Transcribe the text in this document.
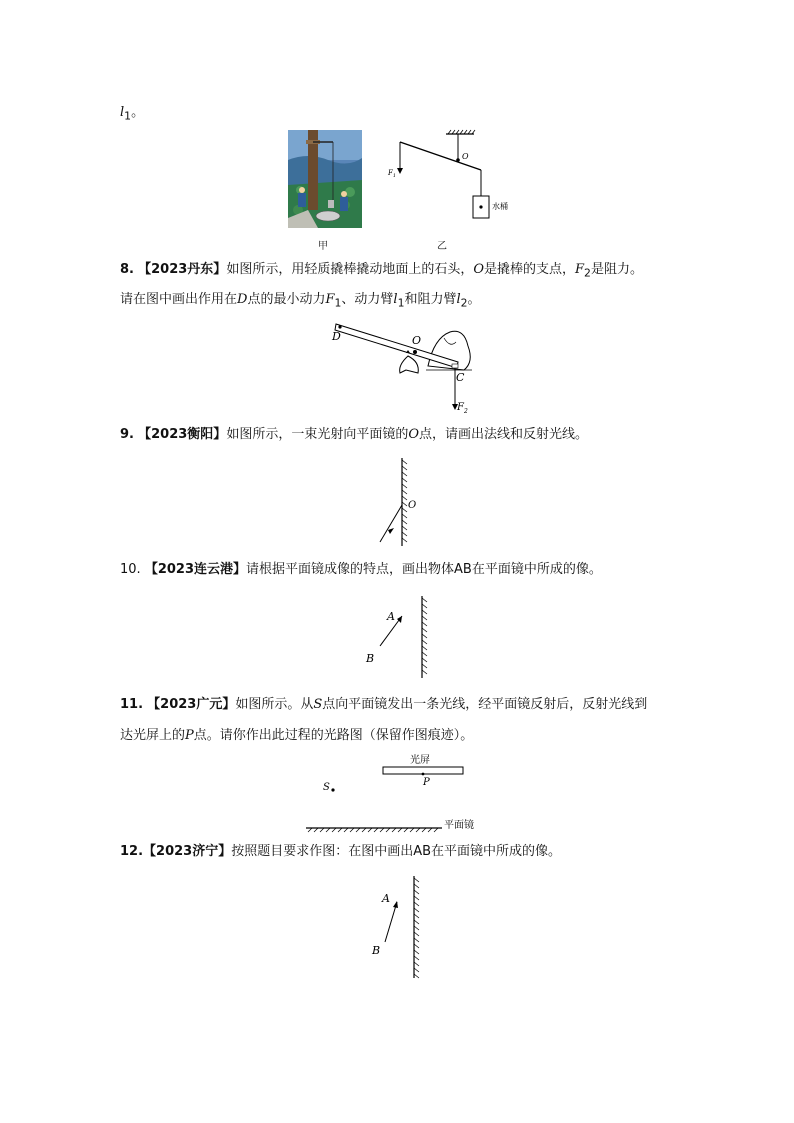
$l_1$。
甲
O
$F_1$
水桶
乙
8. 【2023丹东】如图所示，用轻质撬棒撬动地面上的石头，O是撬棒的支点，$F_2$是阻力。
请在图中画出作用在D点的最小动力$F_1$、动力臂$l_1$和阻力臂$l_2$。
D	O
C
$F_2$
9. 【2023衡阳】如图所示，一束光射向平面镜的O点，请画出法线和反射光线。
O
10. 【2023连云港】请根据平面镜成像的特点，画出物体AB在平面镜中所成的像。
A
B
11. 【2023广元】如图所示。从S点向平面镜发出一条光线，经平面镜反射后，反射光线到
达光屏上的P点。请你作出此过程的光路图（保留作图痕迹）。
光屏
P
S
平面镜
12.【2023济宁】按照题目要求作图：在图中画出AB在平面镜中所成的像。
A
B
